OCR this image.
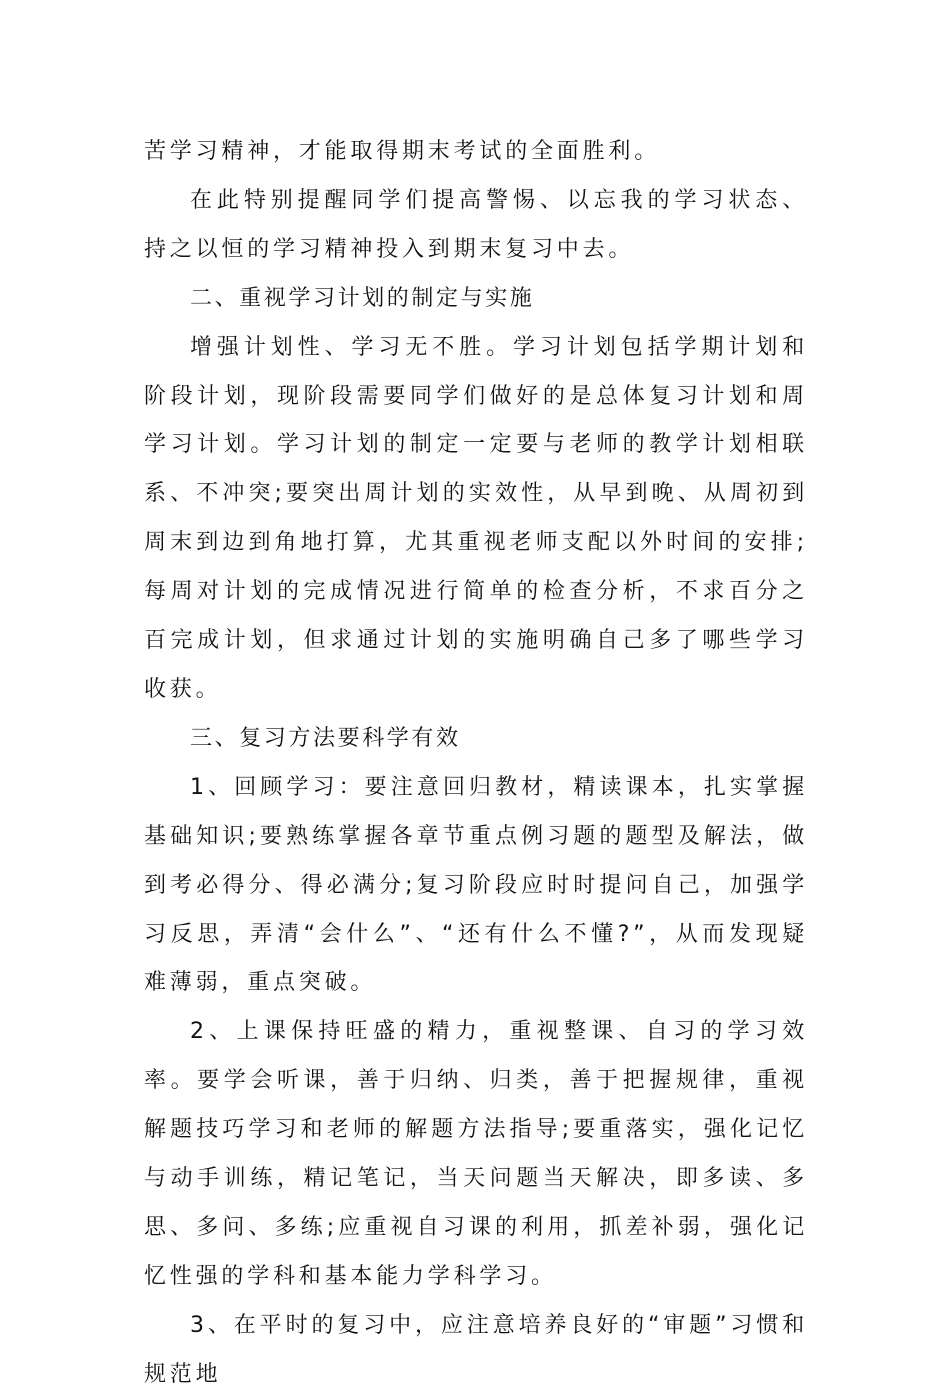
苦学习精神，才能取得期末考试的全面胜利。

在此特别提醒同学们提高警惕、以忘我的学习状态、持之以恒的学习精神投入到期末复习中去。

二、重视学习计划的制定与实施

增强计划性、学习无不胜。学习计划包括学期计划和阶段计划，现阶段需要同学们做好的是总体复习计划和周学习计划。学习计划的制定一定要与老师的教学计划相联系、不冲突;要突出周计划的实效性，从早到晚、从周初到周末到边到角地打算，尤其重视老师支配以外时间的安排;每周对计划的完成情况进行简单的检查分析，不求百分之百完成计划，但求通过计划的实施明确自己多了哪些学习收获。

三、复习方法要科学有效

1、回顾学习：要注意回归教材，精读课本，扎实掌握基础知识;要熟练掌握各章节重点例习题的题型及解法，做到考必得分、得必满分;复习阶段应时时提问自己，加强学习反思，弄清“会什么”、“还有什么不懂?”，从而发现疑难薄弱，重点突破。

2、上课保持旺盛的精力，重视整课、自习的学习效率。要学会听课，善于归纳、归类，善于把握规律，重视解题技巧学习和老师的解题方法指导;要重落实，强化记忆与动手训练，精记笔记，当天问题当天解决，即多读、多思、多问、多练;应重视自习课的利用，抓差补弱，强化记忆性强的学科和基本能力学科学习。

3、在平时的复习中，应注意培养良好的“审题”习惯和规范地
